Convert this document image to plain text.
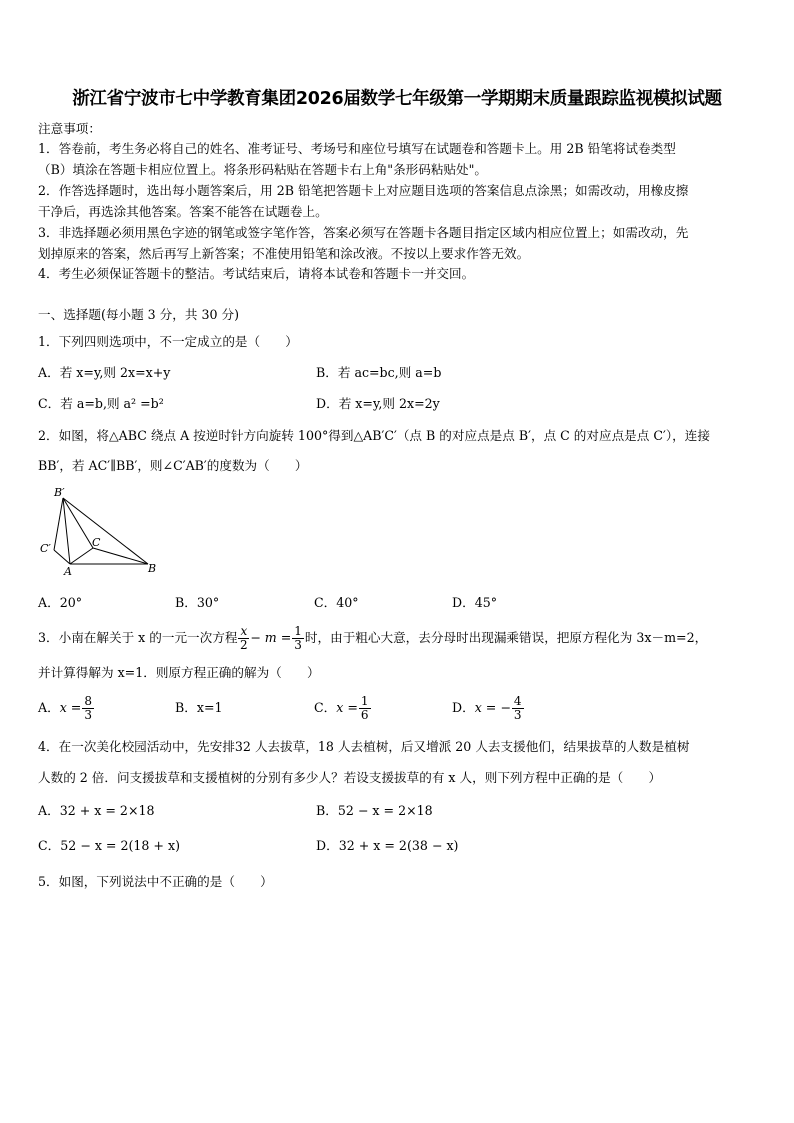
浙江省宁波市七中学教育集团2026届数学七年级第一学期期末质量跟踪监视模拟试题
注意事项：
1．答卷前，考生务必将自己的姓名、准考证号、考场号和座位号填写在试题卷和答题卡上。用 2B 铅笔将试卷类型
（B）填涂在答题卡相应位置上。将条形码粘贴在答题卡右上角"条形码粘贴处"。
2．作答选择题时，选出每小题答案后，用 2B 铅笔把答题卡上对应题目选项的答案信息点涂黑；如需改动，用橡皮擦
干净后，再选涂其他答案。答案不能答在试题卷上。
3．非选择题必须用黑色字迹的钢笔或签字笔作答，答案必须写在答题卡各题目指定区域内相应位置上；如需改动，先
划掉原来的答案，然后再写上新答案；不准使用铅笔和涂改液。不按以上要求作答无效。
4．考生必须保证答题卡的整洁。考试结束后，请将本试卷和答题卡一并交回。
一、选择题(每小题 3 分，共 30 分)
1．下列四则选项中，不一定成立的是（　　）
A．若 x=y,则 2x=x+y	B．若 ac=bc,则 a=b
C．若 a=b,则 a² =b²	D．若 x=y,则 2x=2y
2．如图，将△ABC 绕点 A 按逆时针方向旋转 100°得到△AB′C′（点 B 的对应点是点 B′，点 C 的对应点是点 C′），连接
BB′，若 AC′∥BB′，则∠C′AB′的度数为（　　）
B′
C′	C
A	B
A．20°	B．30°	C．40°	D．45°
3．小南在解关于 x 的一元一次方程 $\frac{x}{2} - m = \frac{1}{3}$ 时，由于粗心大意，去分母时出现漏乘错误，把原方程化为 3x－m=2，
并计算得解为 x=1．则原方程正确的解为（　　）
A．$x = \frac{8}{3}$	B．x=1	C．$x = \frac{1}{6}$	D．x = − $\frac{4}{3}$
4．在一次美化校园活动中，先安排32 人去拔草，18 人去植树，后又增派 20 人去支援他们，结果拔草的人数是植树
人数的 2 倍．问支援拔草和支援植树的分别有多少人？若设支援拔草的有 x 人，则下列方程中正确的是（　　）
A．32 + x = 2×18	B．52 − x = 2×18
C．52 − x = 2(18 + x)	D．32 + x = 2(38 − x)
5．如图，下列说法中不正确的是（　　）
